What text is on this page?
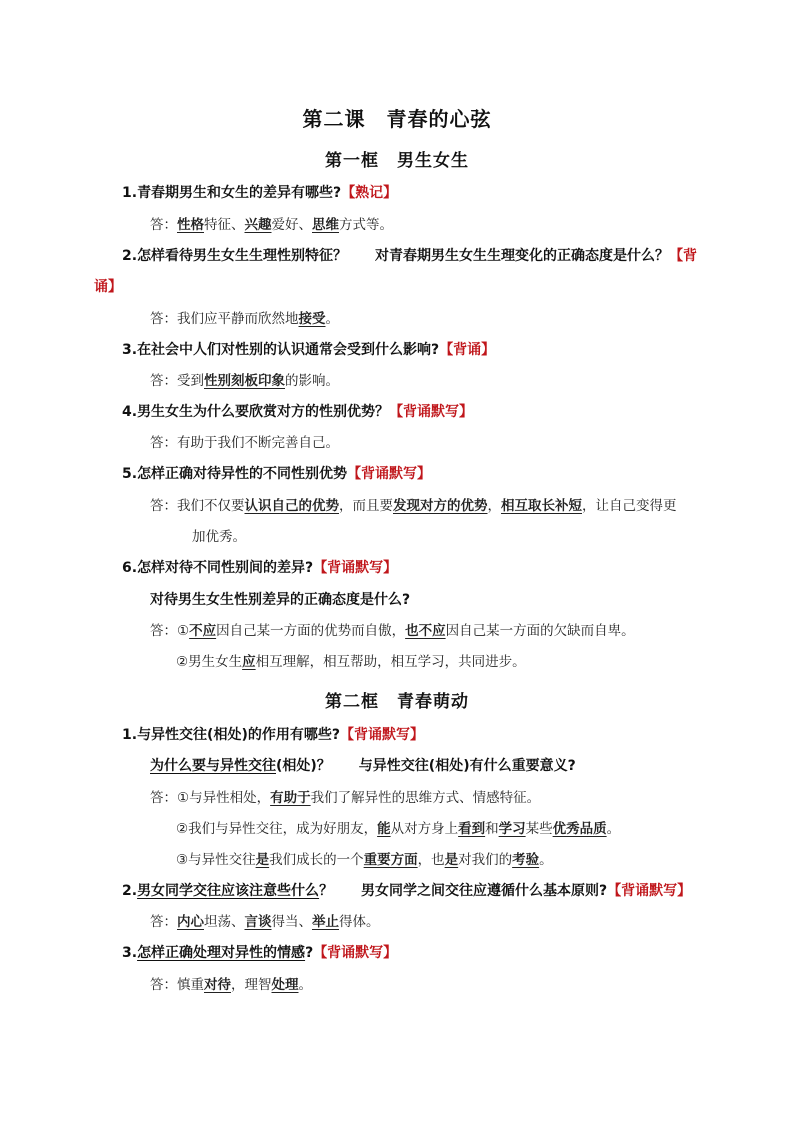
第二课　青春的心弦
第一框　男生女生
1.青春期男生和女生的差异有哪些?【熟记】
答：性格特征、兴趣爱好、思维方式等。
2.怎样看待男生女生生理性别特征？　　对青春期男生女生生理变化的正确态度是什么？【背
诵】
答：我们应平静而欣然地接受。
3.在社会中人们对性别的认识通常会受到什么影响?【背诵】
答：受到性别刻板印象的影响。
4.男生女生为什么要欣赏对方的性别优势？【背诵默写】
答：有助于我们不断完善自己。
5.怎样正确对待异性的不同性别优势【背诵默写】
答：我们不仅要认识自己的优势，而且要发现对方的优势，相互取长补短，让自己变得更
加优秀。
6.怎样对待不同性别间的差异?【背诵默写】
对待男生女生性别差异的正确态度是什么?
答：①不应因自己某一方面的优势而自傲，也不应因自己某一方面的欠缺而自卑。
②男生女生应相互理解，相互帮助，相互学习，共同进步。
第二框　青春萌动
1.与异性交往(相处)的作用有哪些?【背诵默写】
为什么要与异性交往(相处)？　　与异性交往(相处)有什么重要意义?
答：①与异性相处，有助于我们了解异性的思维方式、情感特征。
②我们与异性交往，成为好朋友，能从对方身上看到和学习某些优秀品质。
③与异性交往是我们成长的一个重要方面，也是对我们的考验。
2.男女同学交往应该注意些什么？　　男女同学之间交往应遵循什么基本原则?【背诵默写】
答：内心坦荡、言谈得当、举止得体。
3.怎样正确处理对异性的情感?【背诵默写】
答：慎重对待，理智处理。
